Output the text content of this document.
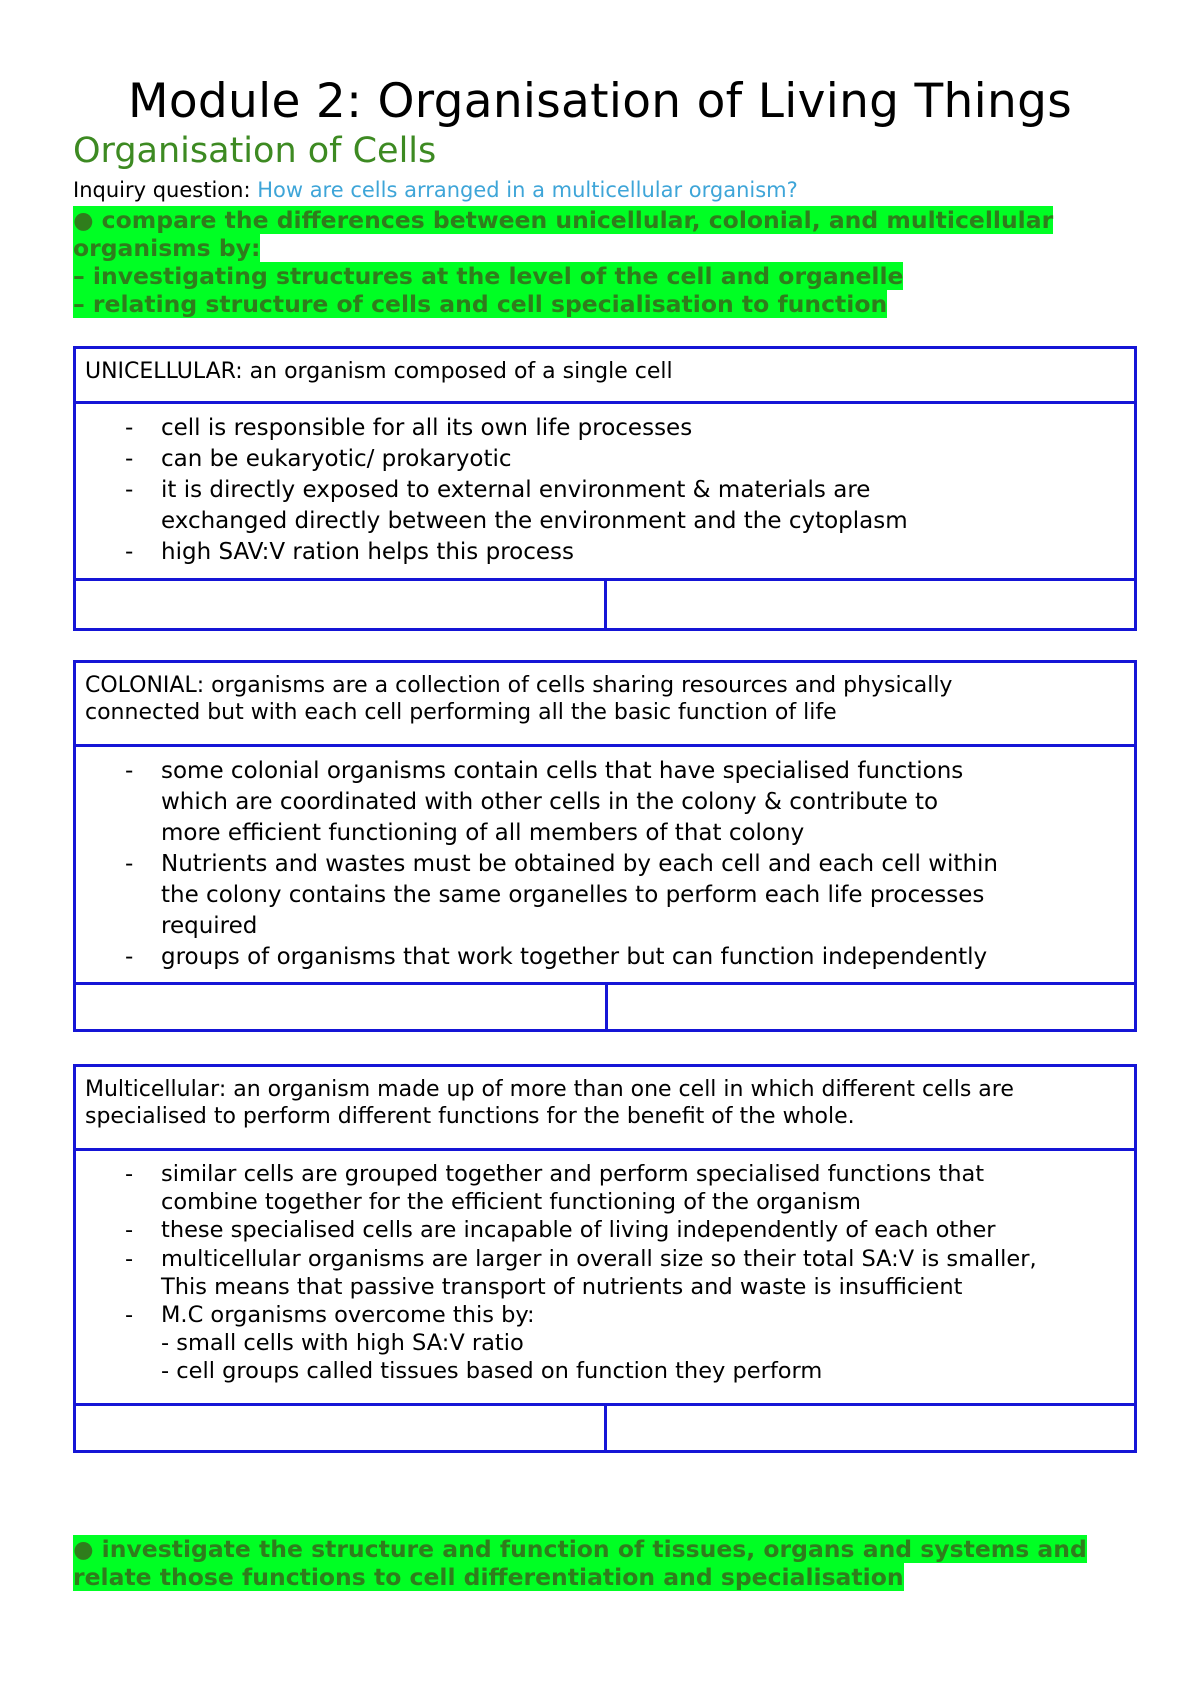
Module 2: Organisation of Living Things
Organisation of Cells
Inquiry question: How are cells arranged in a multicellular organism?
● compare the differences between unicellular, colonial, and multicellular
organisms by:
– investigating structures at the level of the cell and organelle
– relating structure of cells and cell specialisation to function
UNICELLULAR: an organism composed of a single cell
- cell is responsible for all its own life processes
- can be eukaryotic/ prokaryotic
- it is directly exposed to external environment & materials are
exchanged directly between the environment and the cytoplasm
- high SAV:V ration helps this process
COLONIAL: organisms are a collection of cells sharing resources and physically
connected but with each cell performing all the basic function of life
- some colonial organisms contain cells that have specialised functions
which are coordinated with other cells in the colony & contribute to
more efficient functioning of all members of that colony
- Nutrients and wastes must be obtained by each cell and each cell within
the colony contains the same organelles to perform each life processes
required
- groups of organisms that work together but can function independently
Multicellular: an organism made up of more than one cell in which different cells are
specialised to perform different functions for the benefit of the whole.
- similar cells are grouped together and perform specialised functions that
combine together for the efficient functioning of the organism
- these specialised cells are incapable of living independently of each other
- multicellular organisms are larger in overall size so their total SA:V is smaller,
This means that passive transport of nutrients and waste is insufficient
- M.C organisms overcome this by:
- small cells with high SA:V ratio
- cell groups called tissues based on function they perform
● investigate the structure and function of tissues, organs and systems and
relate those functions to cell differentiation and specialisation
